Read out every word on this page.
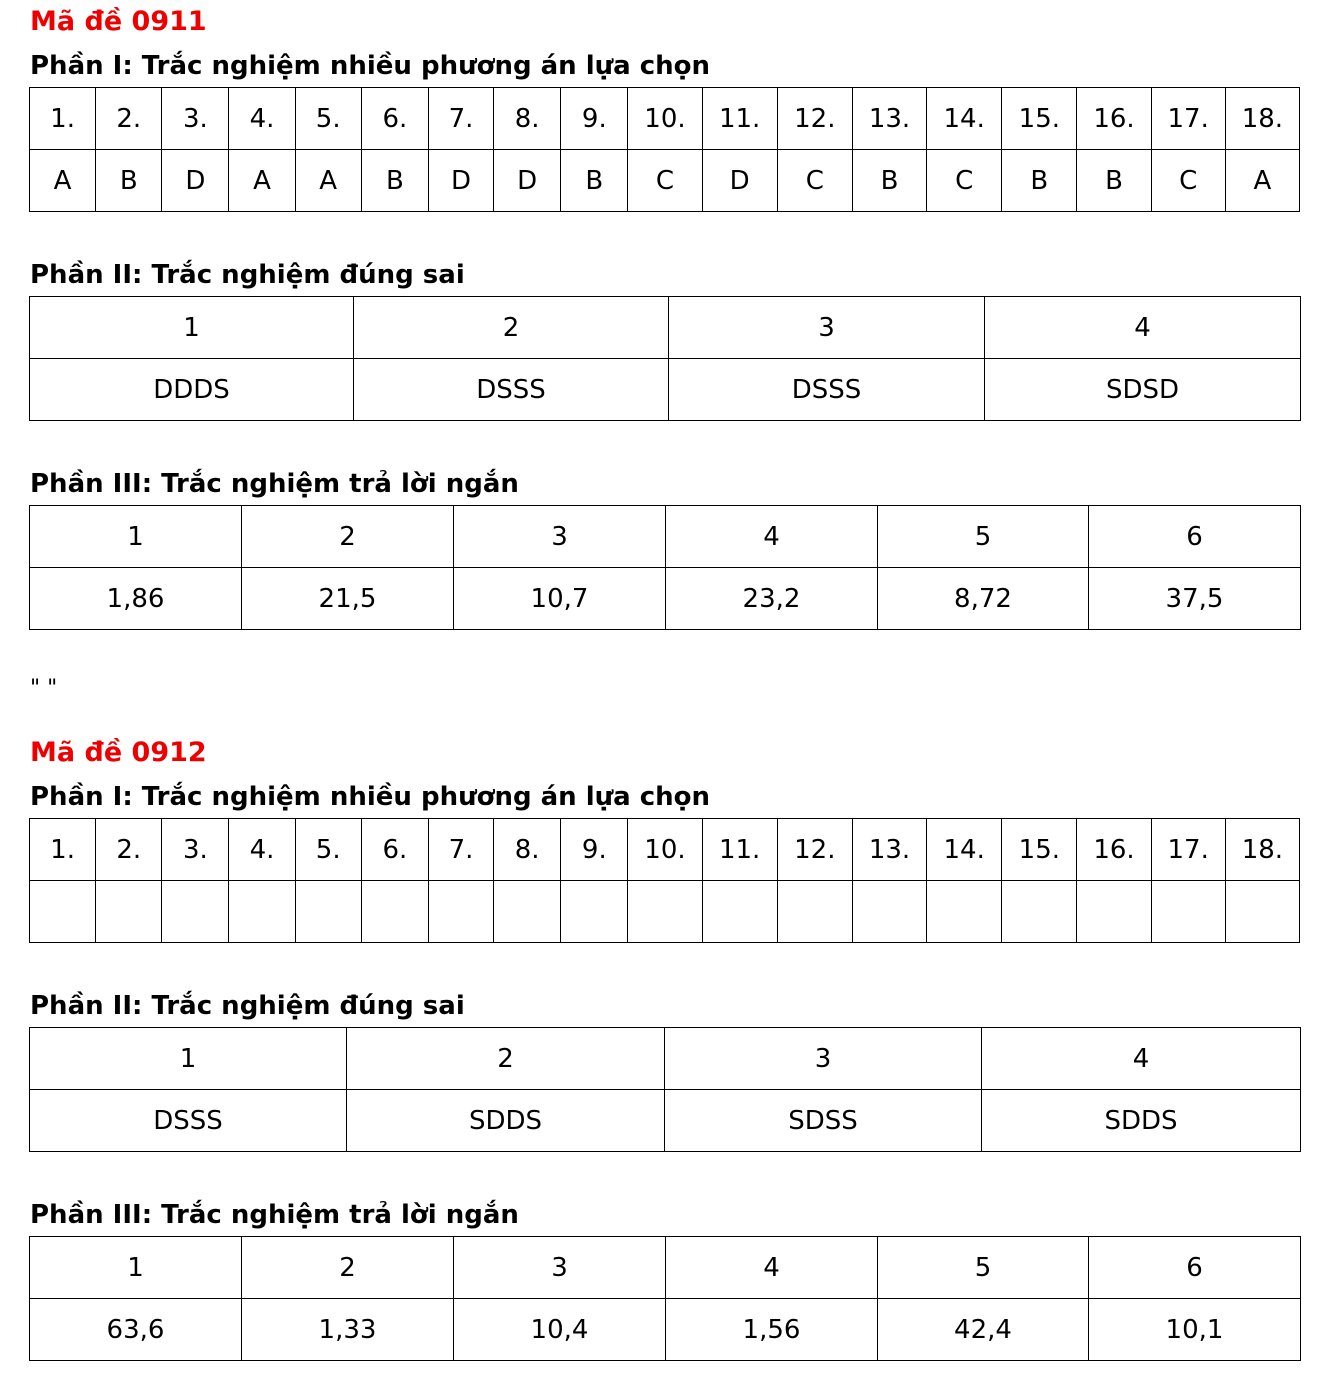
Mã đề 0911
Phần I: Trắc nghiệm nhiều phương án lựa chọn
1.	2.	3.	4.	5.	6.	7.	8.	9.	10.	11.	12.	13.	14.	15.	16.	17.	18.
A	B	D	A	A	B	D	D	B	C	D	C	B	C	B	B	C	A
Phần II: Trắc nghiệm đúng sai
1	2	3	4
DDDS	DSSS	DSSS	SDSD
Phần III: Trắc nghiệm trả lời ngắn
1	2	3	4	5	6
1,86	21,5	10,7	23,2	8,72	37,5
" "
Mã đề 0912
Phần I: Trắc nghiệm nhiều phương án lựa chọn
1.	2.	3.	4.	5.	6.	7.	8.	9.	10.	11.	12.	13.	14.	15.	16.	17.	18.

Phần II: Trắc nghiệm đúng sai
1	2	3	4
DSSS	SDDS	SDSS	SDDS
Phần III: Trắc nghiệm trả lời ngắn
1	2	3	4	5	6
63,6	1,33	10,4	1,56	42,4	10,1
